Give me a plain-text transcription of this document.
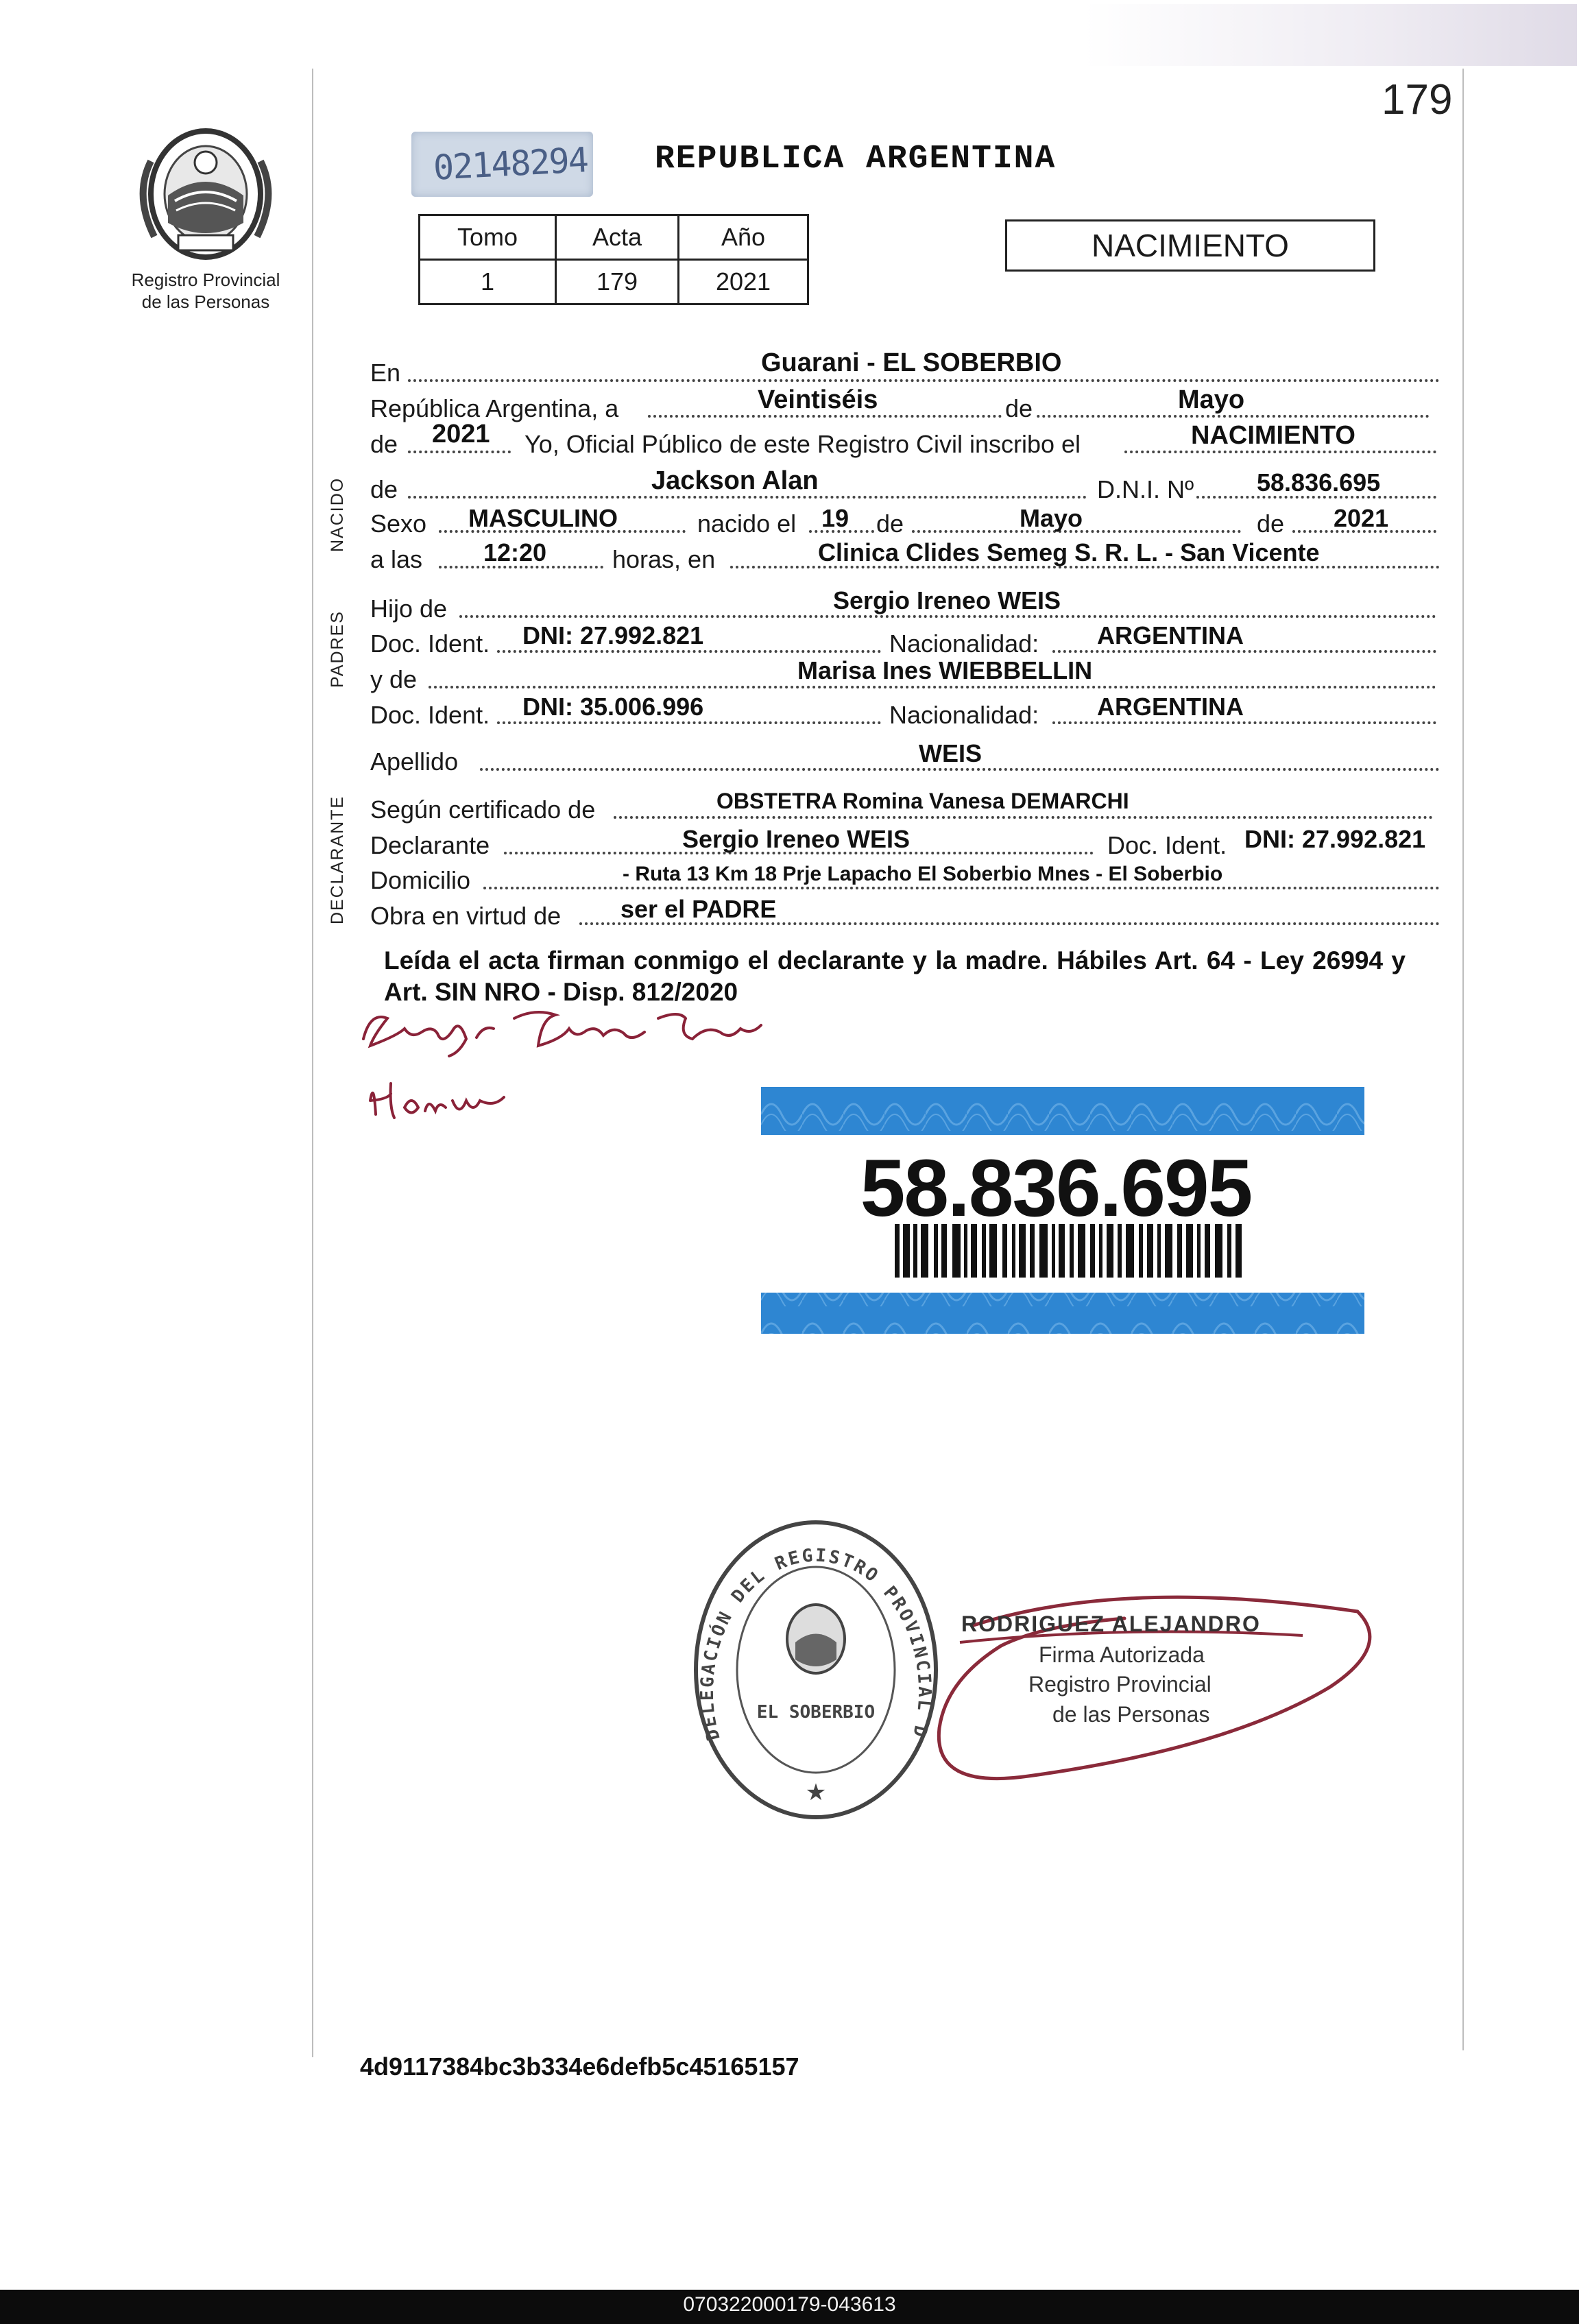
Registro Provincial
de las Personas
179
02148294 REPUBLICA ARGENTINA
Tomo	Acta	Año
1	179	2021
NACIMIENTO
En	Guarani - EL SOBERBIO
República Argentina, a	Veintiséis	de	Mayo
de 2021 Yo, Oficial Público de este Registro Civil inscribo el	NACIMIENTO
NACIDO de	Jackson Alan	D.N.I. Nº	58.836.695
Sexo MASCULINO	nacido el 19 de	Mayo	de 2021
a las 12:20	horas, en	Clinica Clides Semeg S. R. L. - San Vicente
PADRES
Hijo de	Sergio Ireneo WEIS
Doc. Ident. DNI: 27.992.821	Nacionalidad: ARGENTINA
y de	Marisa Ines WIEBBELLIN
Doc. Ident. DNI: 35.006.996	Nacionalidad: ARGENTINA
Apellido	WEIS
DECLARANTE Según certificado de	OBSTETRA Romina Vanesa DEMARCHI
Declarante	Sergio Ireneo WEIS	Doc. Ident. DNI: 27.992.821
Domicilio	- Ruta 13 Km 18 Prje Lapacho El Soberbio Mnes - El Soberbio
Obra en virtud de ser el PADRE
Leída el acta firman conmigo el declarante y la madre. Hábiles Art. 64 - Ley 26994 y Art. SIN NRO - Disp. 812/2020
58.836.695
DELEGACIÓN DEL REGISTRO PROVINCIAL D
EL SOBERBIO
★
RODRIGUEZ ALEJANDRO
Firma Autorizada
Registro Provincial
de las Personas
4d9117384bc3b334e6defb5c45165157
070322000179-043613
